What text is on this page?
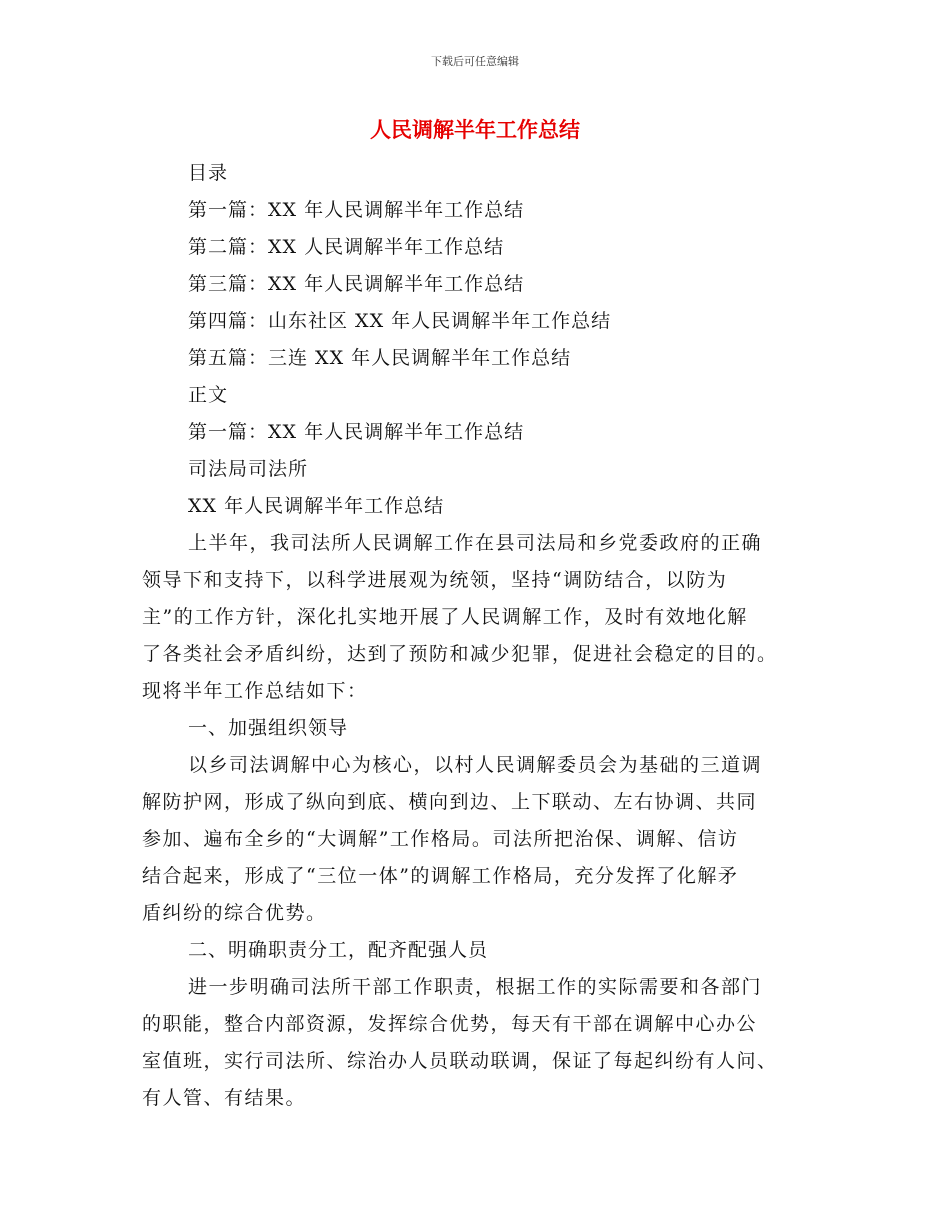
下载后可任意编辑
人民调解半年工作总结
目录
第一篇：XX 年人民调解半年工作总结
第二篇：XX 人民调解半年工作总结
第三篇：XX 年人民调解半年工作总结
第四篇：山东社区 XX 年人民调解半年工作总结
第五篇：三连 XX 年人民调解半年工作总结
正文
第一篇：XX 年人民调解半年工作总结
司法局司法所
XX 年人民调解半年工作总结
上半年，我司法所人民调解工作在县司法局和乡党委政府的正确
领导下和支持下，以科学进展观为统领，坚持“调防结合，以防为
主”的工作方针，深化扎实地开展了人民调解工作，及时有效地化解
了各类社会矛盾纠纷，达到了预防和减少犯罪，促进社会稳定的目的。
现将半年工作总结如下：
一、加强组织领导
以乡司法调解中心为核心，以村人民调解委员会为基础的三道调
解防护网，形成了纵向到底、横向到边、上下联动、左右协调、共同
参加、遍布全乡的“大调解”工作格局。司法所把治保、调解、信访
结合起来，形成了“三位一体”的调解工作格局，充分发挥了化解矛
盾纠纷的综合优势。
二、明确职责分工，配齐配强人员
进一步明确司法所干部工作职责，根据工作的实际需要和各部门
的职能，整合内部资源，发挥综合优势，每天有干部在调解中心办公
室值班，实行司法所、综治办人员联动联调，保证了每起纠纷有人问、
有人管、有结果。
